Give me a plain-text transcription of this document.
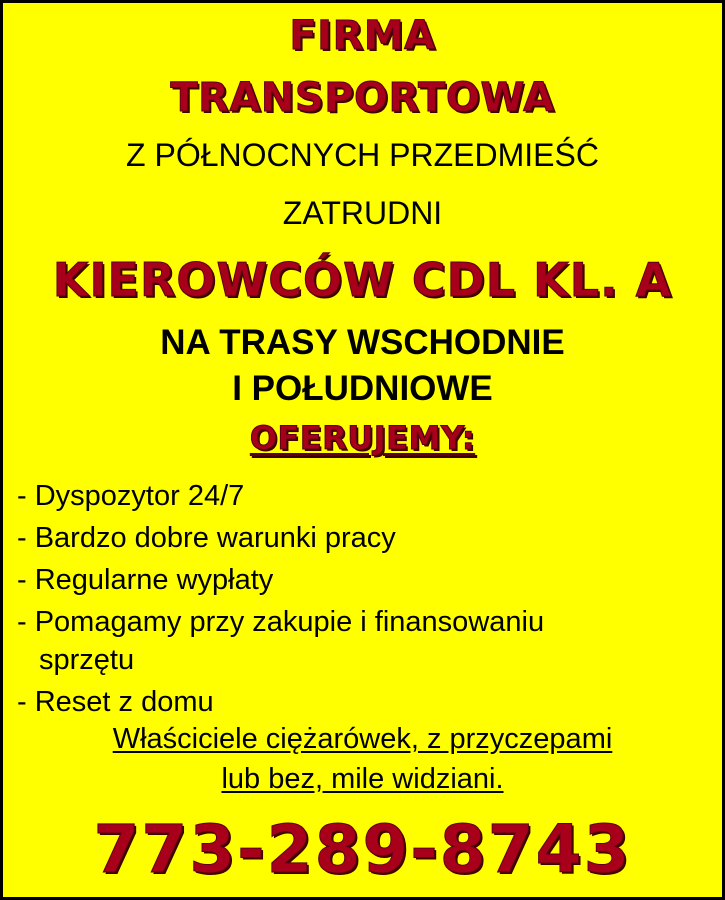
FIRMA

TRANSPORTOWA

Z PÓŁNOCNYCH PRZEDMIEŚĆ

ZATRUDNI

KIEROWCÓW CDL KL. A

NA TRASY WSCHODNIE

I POŁUDNIOWE

OFERUJEMY:

- Dyspozytor 24/7
- Bardzo dobre warunki pracy
- Regularne wypłaty
- Pomagamy przy zakupie i finansowaniu
sprzętu
- Reset z domu
Właściciele ciężarówek, z przyczepami
lub bez, mile widziani.

773-289-8743
